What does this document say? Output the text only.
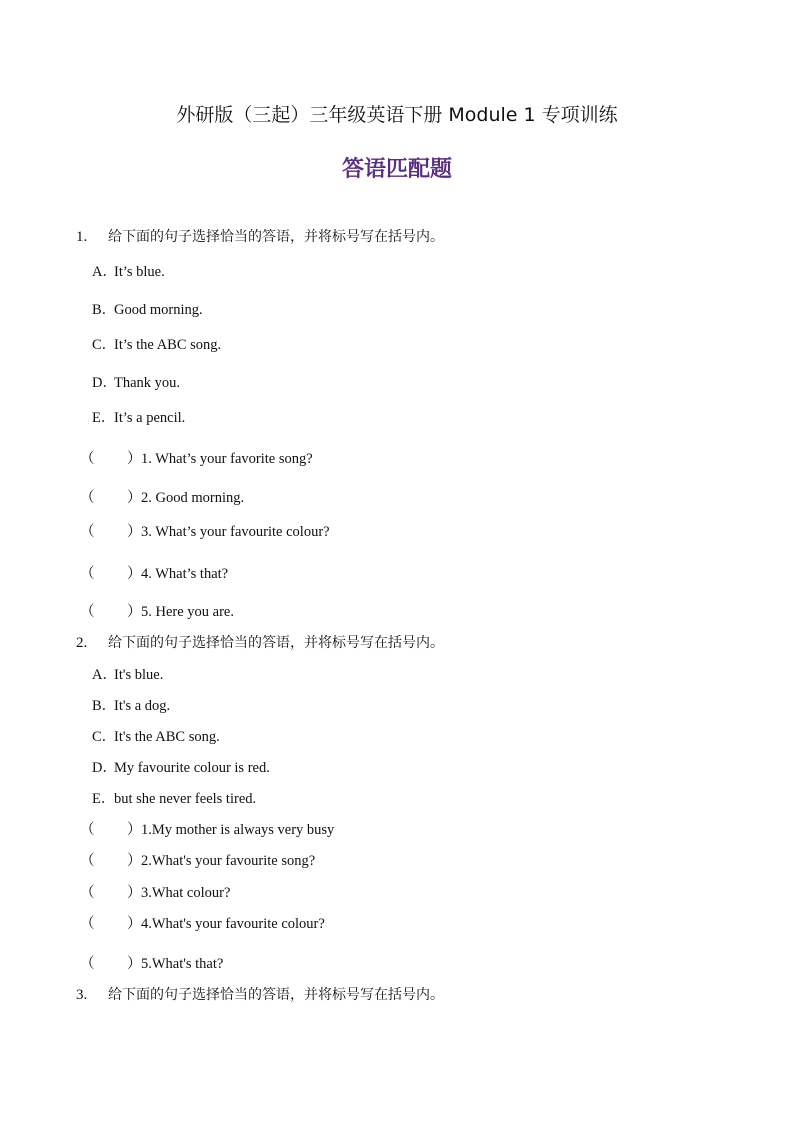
外研版（三起）三年级英语下册 Module 1 专项训练
答语匹配题
1. 给下面的句子选择恰当的答语，并将标号写在括号内。
A．It’s blue.
B．Good morning.
C．It’s the ABC song.
D．Thank you.
E．It’s a pencil.
（ ）1. What’s your favorite song?
（ ）2. Good morning.
（ ）3. What’s your favourite colour?
（ ）4. What’s that?
（ ）5. Here you are.
2. 给下面的句子选择恰当的答语，并将标号写在括号内。
A．It's blue.
B．It's a dog.
C．It's the ABC song.
D．My favourite colour is red.
E．but she never feels tired.
（ ）1.My mother is always very busy
（ ）2.What's your favourite song?
（ ）3.What colour?
（ ）4.What's your favourite colour?
（ ）5.What's that?
3. 给下面的句子选择恰当的答语，并将标号写在括号内。
